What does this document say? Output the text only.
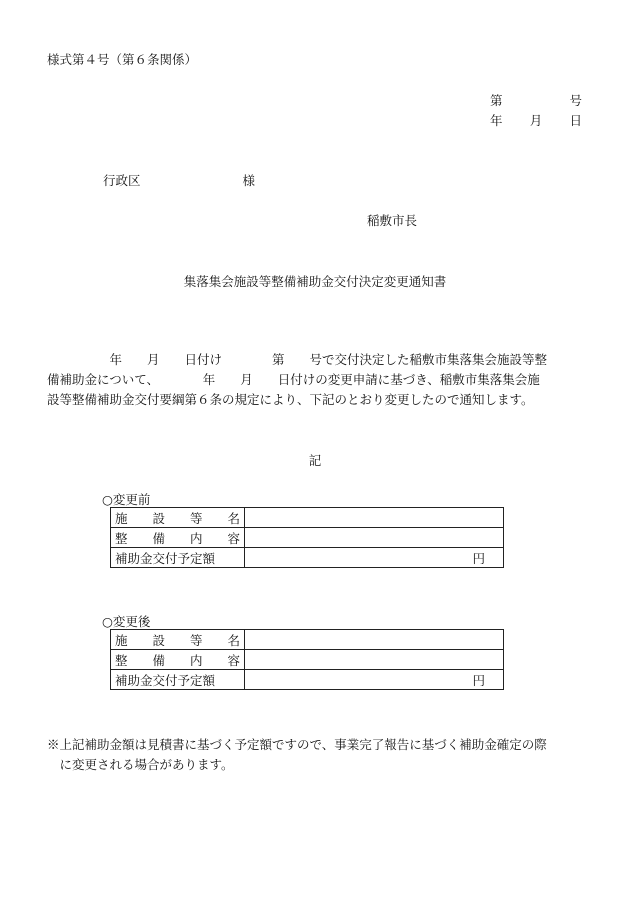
様式第４号（第６条関係）
第	号
年 月 日
行政区	様
稲敷市長
集落集会施設等整備補助金交付決定変更通知書
　　　　　年　　月　　日付け　　　　第　　号で交付決定した稲敷市集落集会施設等整
備補助金について、　　　　年　　月　　日付けの変更申請に基づき、稲敷市集落集会施
設等整備補助金交付要綱第６条の規定により、下記のとおり変更したので通知します。
記
○変更前
施 設 等 名	

整 備 内 容	

補助金交付予定額	円
○変更後
施 設 等 名	

整 備 内 容	

補助金交付予定額	円
※上記補助金額は見積書に基づく予定額ですので、事業完了報告に基づく補助金確定の際
　に変更される場合があります。
